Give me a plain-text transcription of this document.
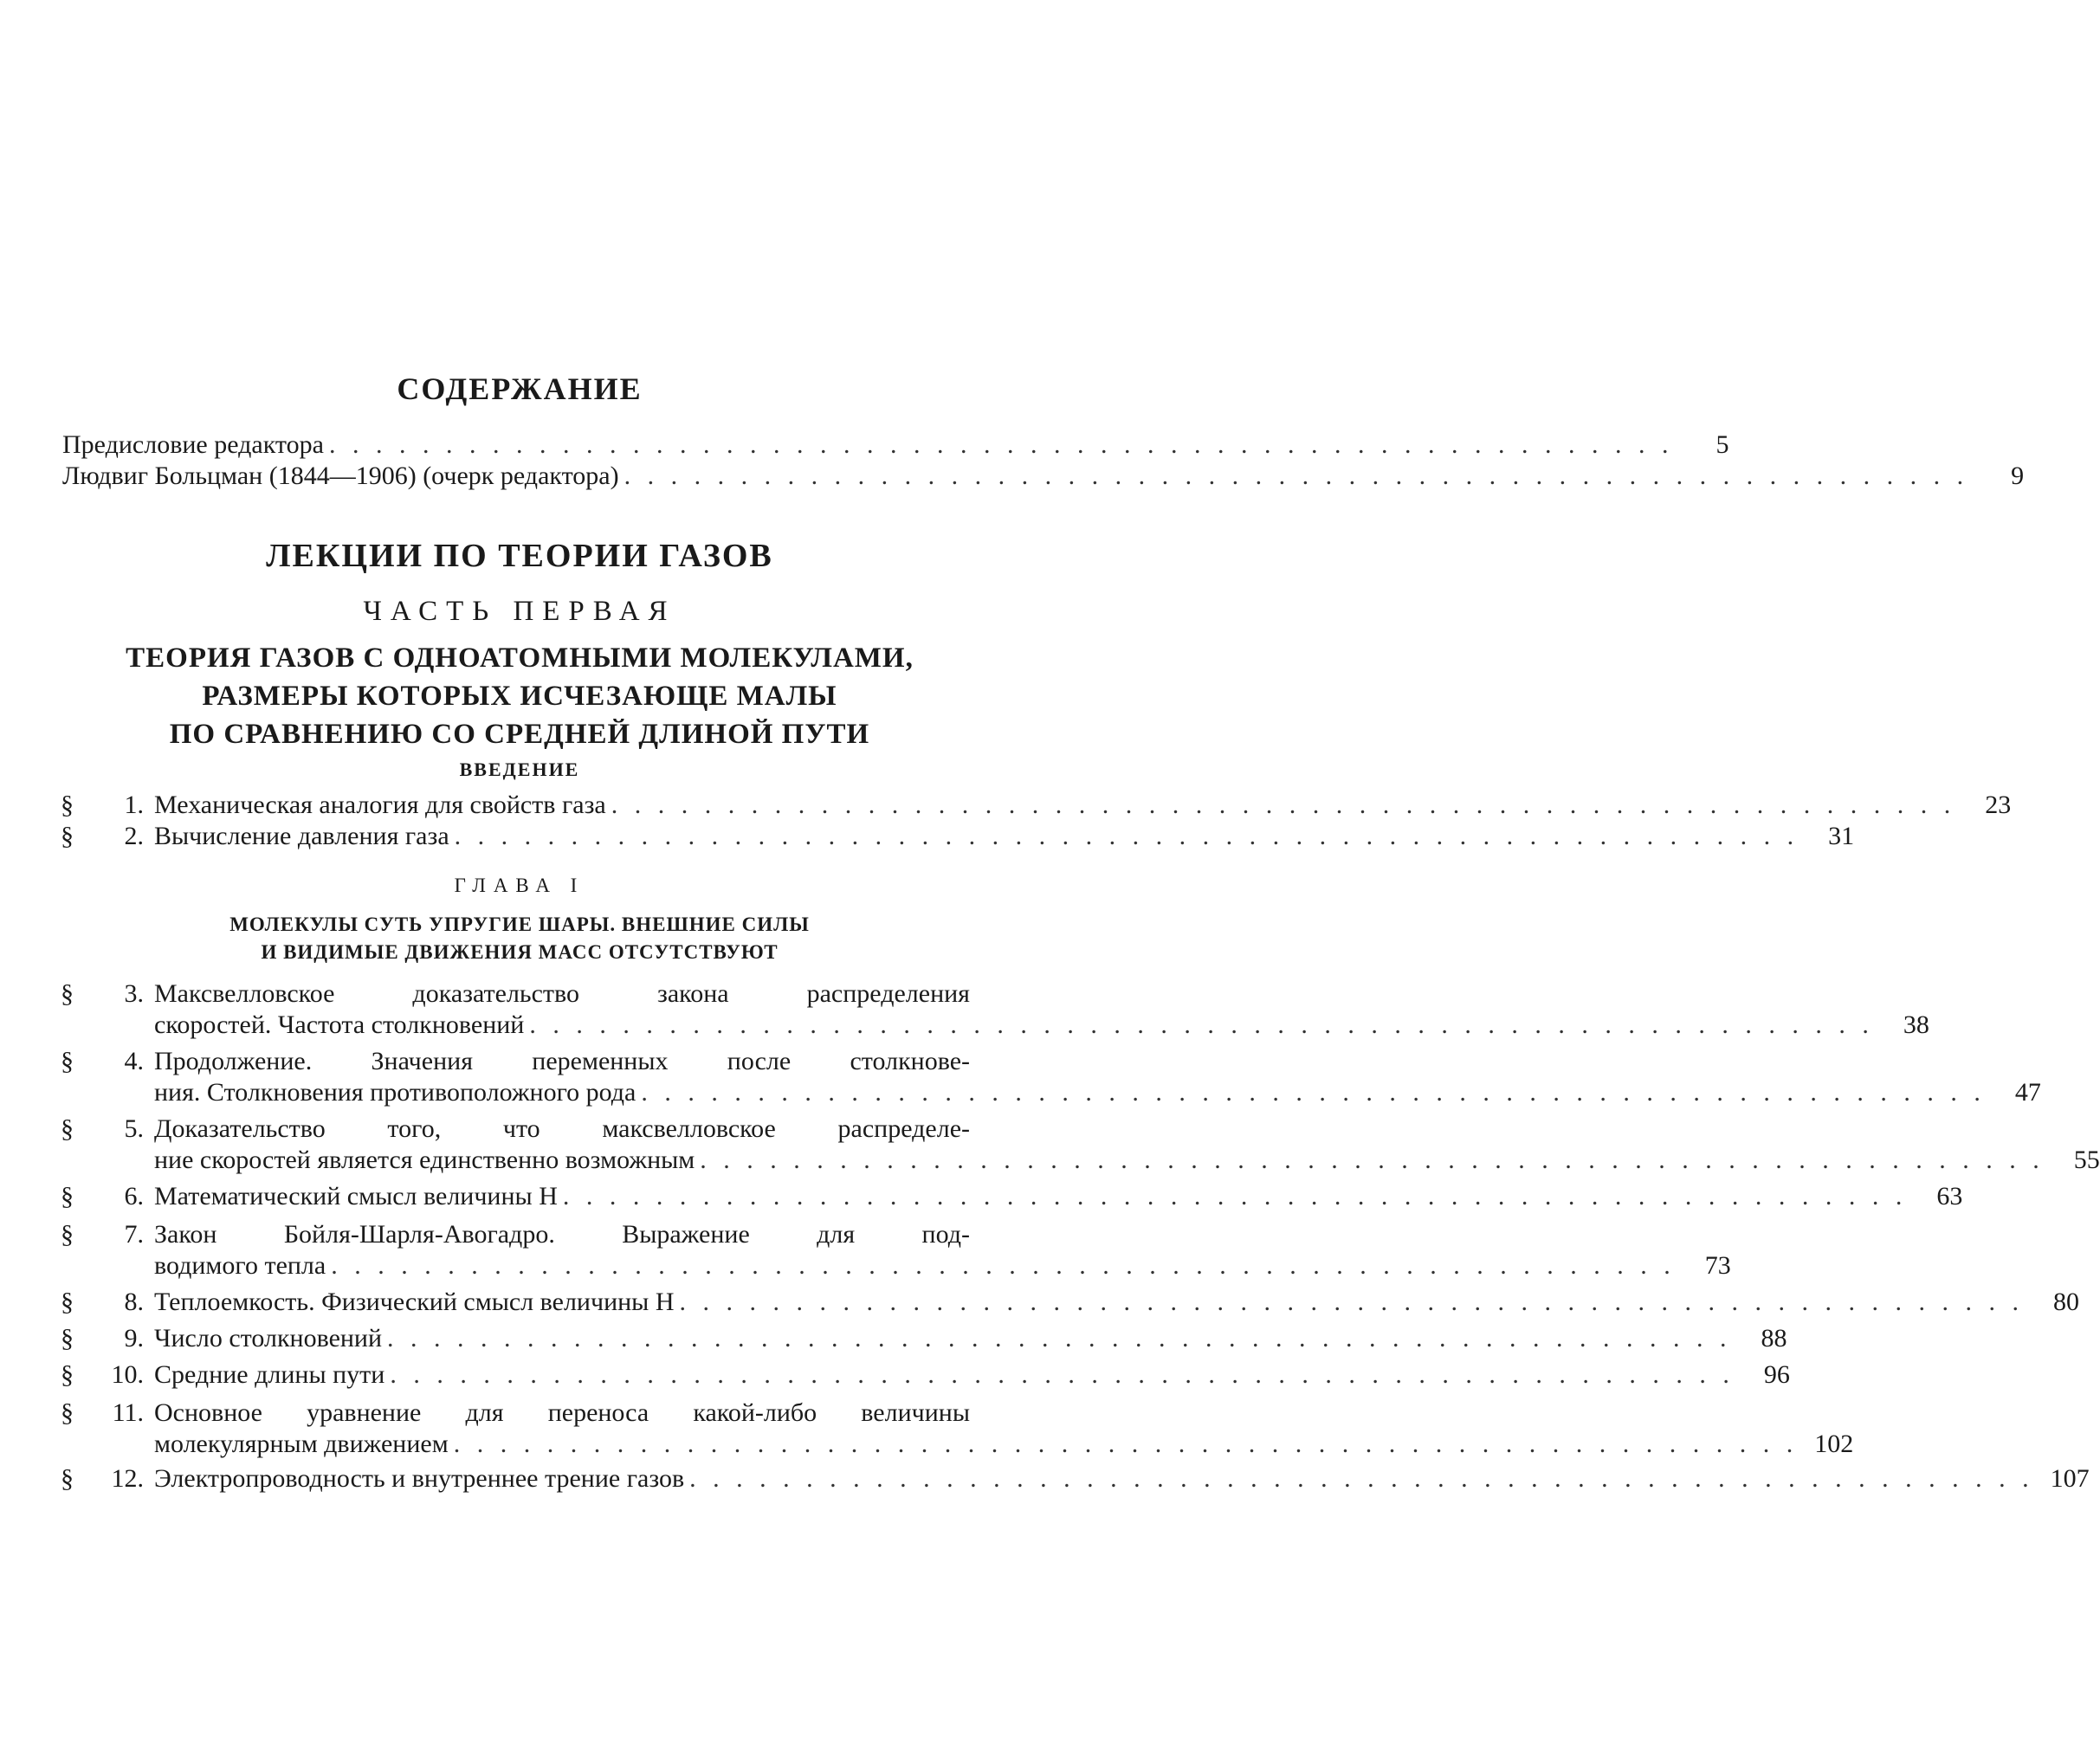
СОДЕРЖАНИЕ
Предисловие редактора . . .	5
Людвиг Больцман (1844—1906) (очерк редактора) . . .	9
ЛЕКЦИИ ПО ТЕОРИИ ГАЗОВ
ЧАСТЬ ПЕРВАЯ
ТЕОРИЯ ГАЗОВ С ОДНОАТОМНЫМИ МОЛЕКУЛАМИ,
РАЗМЕРЫ КОТОРЫХ ИСЧЕЗАЮЩЕ МАЛЫ
ПО СРАВНЕНИЮ СО СРЕДНЕЙ ДЛИНОЙ ПУТИ
ВВЕДЕНИЕ
§	1. Механическая аналогия для свойств газа . . .	23
§	2. Вычисление давления газа . . .	31
ГЛАВА I
МОЛЕКУЛЫ СУТЬ УПРУГИЕ ШАРЫ. ВНЕШНИЕ СИЛЫ
И ВИДИМЫЕ ДВИЖЕНИЯ МАСС ОТСУТСТВУЮТ
§	3. Максвелловское доказательство закона распределения
скоростей. Частота столкновений . . .	38
§	4. Продолжение. Значения переменных после столкнове-
ния. Столкновения противоположного рода . . .	47
§	5. Доказательство того, что максвелловское распределе-
ние скоростей является единственно возможным . . .	55
§	6. Математический смысл величины H . . .	63
§	7. Закон Бойля-Шарля-Авогадро. Выражение для под-
водимого тепла . . .	73
§	8. Теплоемкость. Физический смысл величины H . . .	80
§	9. Число столкновений . . .	88
§	10. Средние длины пути . . .	96
§	11. Основное уравнение для переноса какой-либо величины
молекулярным движением . . .	102
§	12. Электропроводность и внутреннее трение газов . . .	107
